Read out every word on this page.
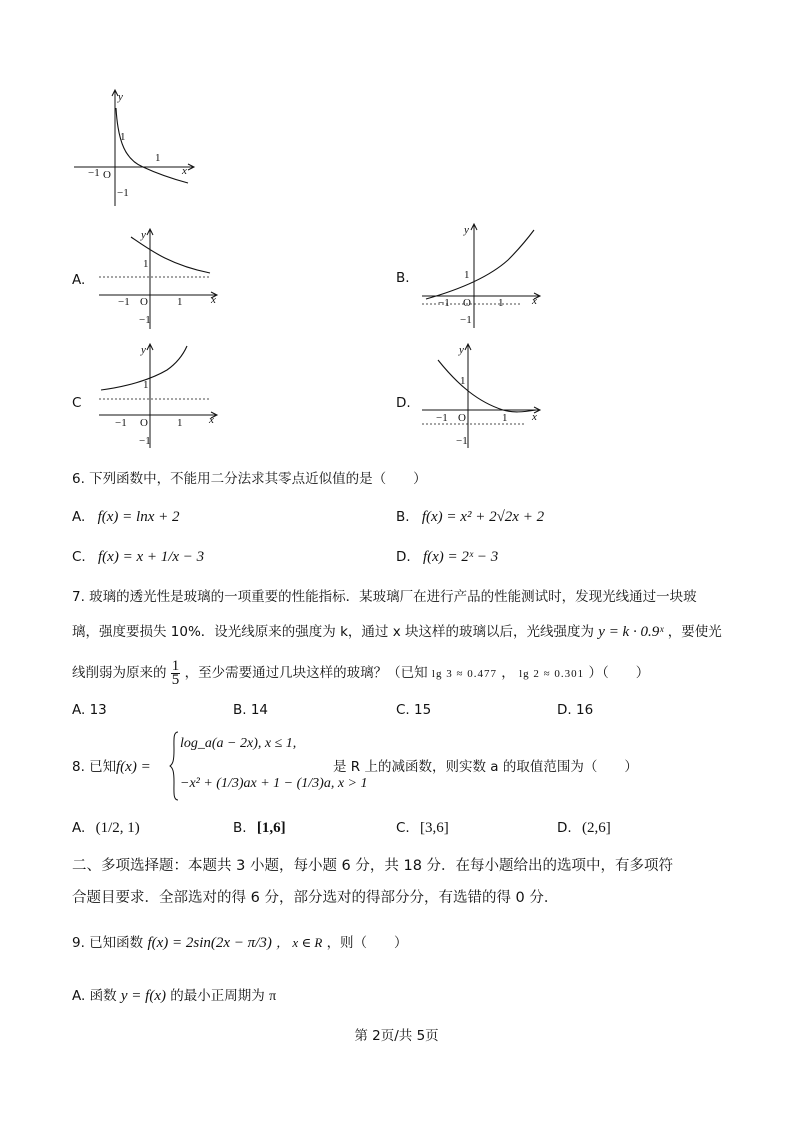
y
x
O
−1
1
1
−1
A.
y
x
O
−1	1
1
−1
B.
y
x
O
−1	1
1
−1
C
y
x
O
−1	1
1
−1
D.
y
x
O
−1	1
1
−1
6. 下列函数中，不能用二分法求其零点近似值的是（　　）
A. f(x) = lnx + 2	B. f(x) = x² + 2√2x + 2
C. f(x) = x + 1/x − 3	D. f(x) = 2ˣ − 3
7. 玻璃的透光性是玻璃的一项重要的性能指标．某玻璃厂在进行产品的性能测试时，发现光线通过一块玻
璃，强度要损失 10%．设光线原来的强度为 k，通过 x 块这样的玻璃以后，光线强度为 y = k · 0.9ˣ ，要使光
线削弱为原来的 $\frac{1}{5}$ ，至少需要通过几块这样的玻璃？（已知 lg 3 ≈ 0.477 ， lg 2 ≈ 0.301 ）（　　）
A. 13	B. 14	C. 15	D. 16
8. 已知 f(x) =
log_a(a − 2x), x ≤ 1,
−x² + (1/3)ax + 1 − (1/3)a, x > 1
是 R 上的减函数，则实数 a 的取值范围为（　　）
A. (1/2, 1)	B. [1,6]	C. [3,6]	D. (2,6]
二、多项选择题：本题共 3 小题，每小题 6 分，共 18 分．在每小题给出的选项中，有多项符
合题目要求．全部选对的得 6 分，部分选对的得部分分，有选错的得 0 分．
9. 已知函数 f(x) = 2sin(2x − π/3) ， x ∈ R ，则（　　）
A. 函数 y = f(x) 的最小正周期为 π
第 2页/共 5页
